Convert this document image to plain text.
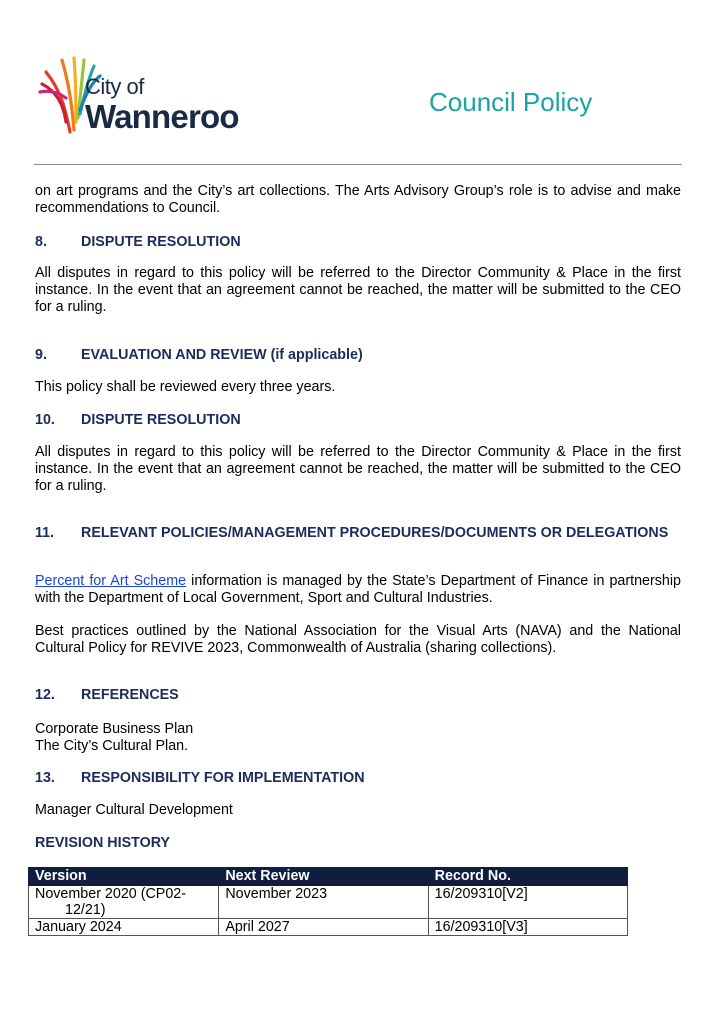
City of
Wanneroo	Council Policy
on art programs and the City’s art collections. The Arts Advisory Group’s role is to advise and make recommendations to Council.
8. DISPUTE RESOLUTION
All disputes in regard to this policy will be referred to the Director Community & Place in the first instance. In the event that an agreement cannot be reached, the matter will be submitted to the CEO for a ruling.
9. EVALUATION AND REVIEW (if applicable)
This policy shall be reviewed every three years.
10. DISPUTE RESOLUTION
All disputes in regard to this policy will be referred to the Director Community & Place in the first instance. In the event that an agreement cannot be reached, the matter will be submitted to the CEO for a ruling.
11. RELEVANT POLICIES/MANAGEMENT PROCEDURES/DOCUMENTS OR DELEGATIONS
Percent for Art Scheme information is managed by the State’s Department of Finance in partnership with the Department of Local Government, Sport and Cultural Industries.
Best practices outlined by the National Association for the Visual Arts (NAVA) and the National Cultural Policy for REVIVE 2023, Commonwealth of Australia (sharing collections).
12. REFERENCES
Corporate Business Plan
The City’s Cultural Plan.
13. RESPONSIBILITY FOR IMPLEMENTATION
Manager Cultural Development
REVISION HISTORY
Version	Next Review	Record No.

November 2020 (CP02-
12/21)	November 2023	16/209310[V2]

January 2024	April 2027	16/209310[V3]
